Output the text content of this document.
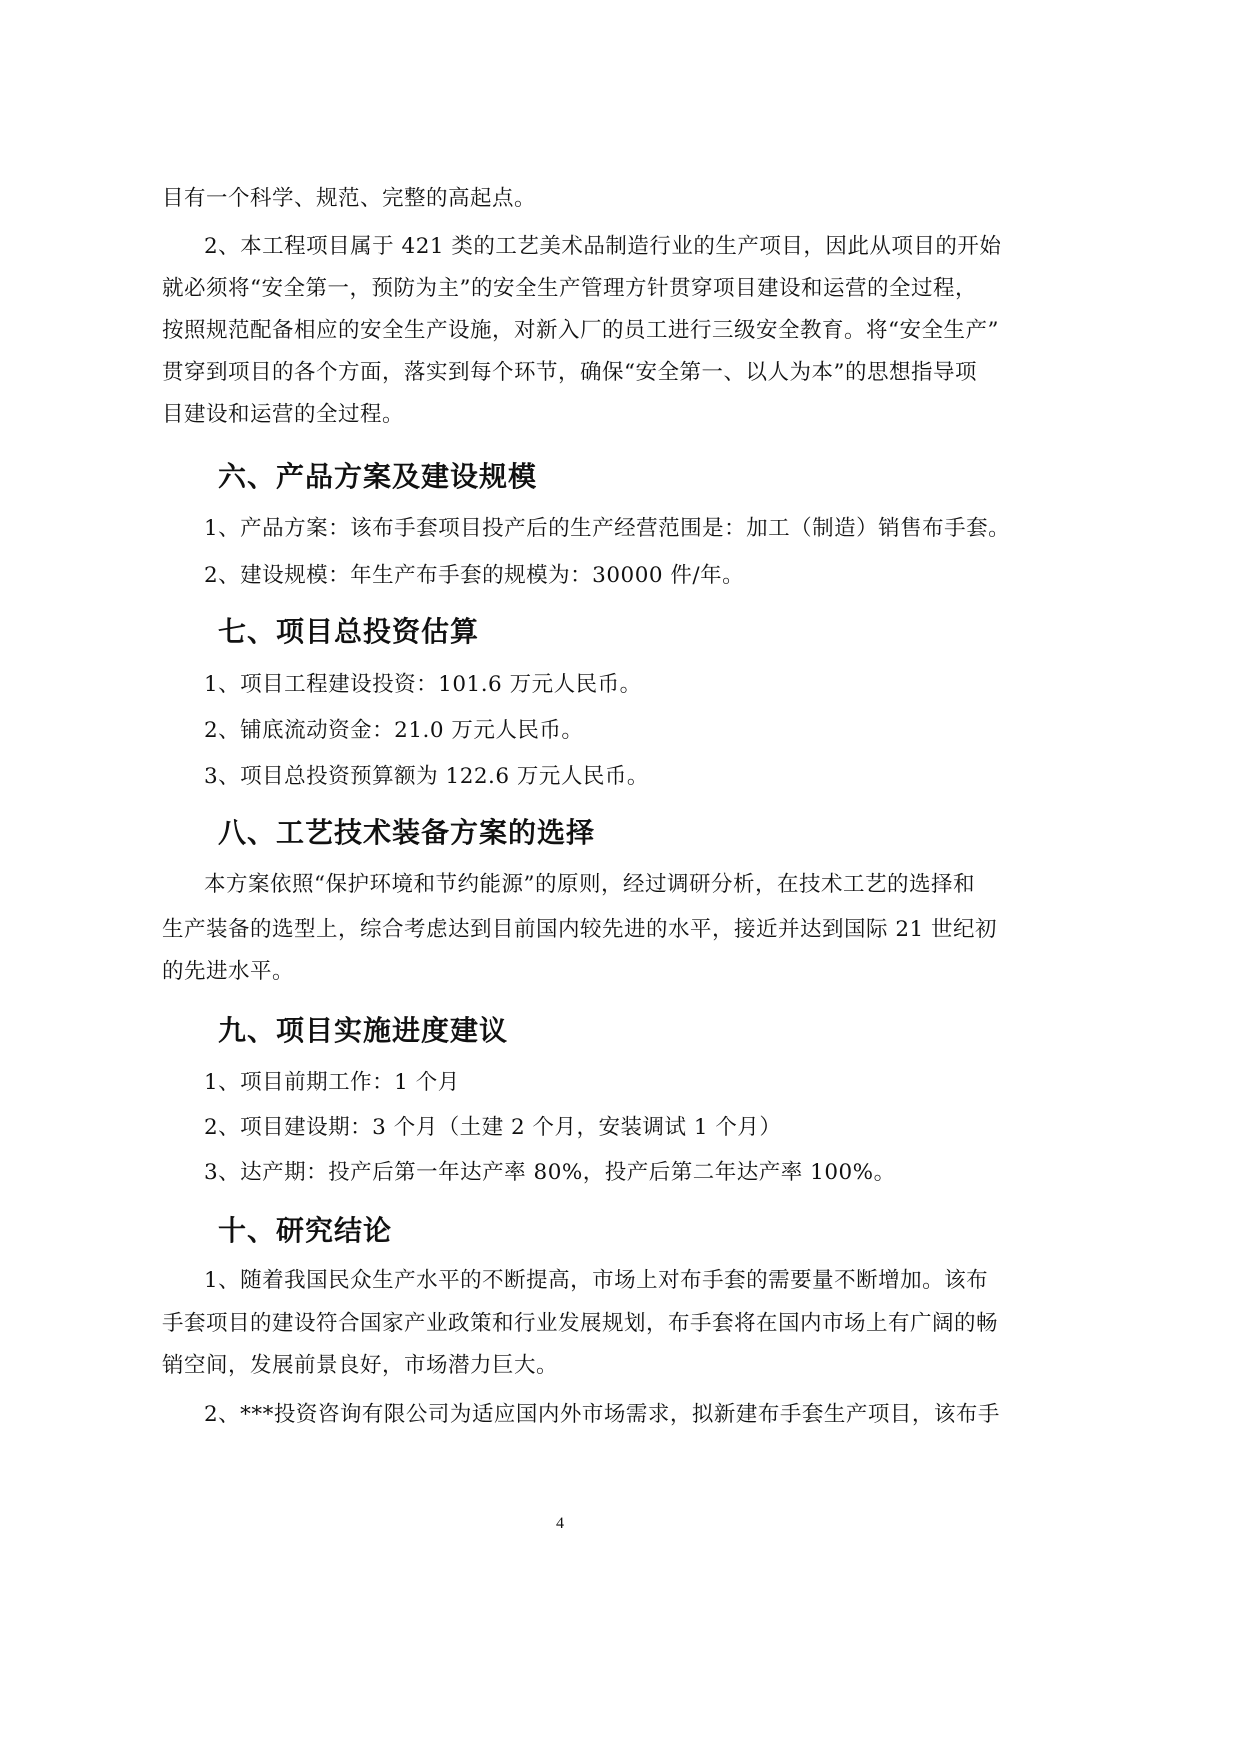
目有一个科学、规范、完整的高起点。
2、本工程项目属于 421 类的工艺美术品制造行业的生产项目，因此从项目的开始
就必须将“安全第一，预防为主”的安全生产管理方针贯穿项目建设和运营的全过程，
按照规范配备相应的安全生产设施，对新入厂的员工进行三级安全教育。将“安全生产”
贯穿到项目的各个方面，落实到每个环节，确保“安全第一、以人为本”的思想指导项
目建设和运营的全过程。
六、产品方案及建设规模
1、产品方案：该布手套项目投产后的生产经营范围是：加工（制造）销售布手套。
2、建设规模：年生产布手套的规模为：30000 件/年。
七、项目总投资估算
1、项目工程建设投资：101.6 万元人民币。
2、铺底流动资金：21.0 万元人民币。
3、项目总投资预算额为 122.6 万元人民币。
八、工艺技术装备方案的选择
本方案依照“保护环境和节约能源”的原则，经过调研分析，在技术工艺的选择和
生产装备的选型上，综合考虑达到目前国内较先进的水平，接近并达到国际 21 世纪初
的先进水平。
九、项目实施进度建议
1、项目前期工作：1 个月
2、项目建设期：3 个月（土建 2 个月，安装调试 1 个月）
3、达产期：投产后第一年达产率 80%，投产后第二年达产率 100%。
十、研究结论
1、随着我国民众生产水平的不断提高，市场上对布手套的需要量不断增加。该布
手套项目的建设符合国家产业政策和行业发展规划，布手套将在国内市场上有广阔的畅
销空间，发展前景良好，市场潜力巨大。
2、***投资咨询有限公司为适应国内外市场需求，拟新建布手套生产项目，该布手
4
